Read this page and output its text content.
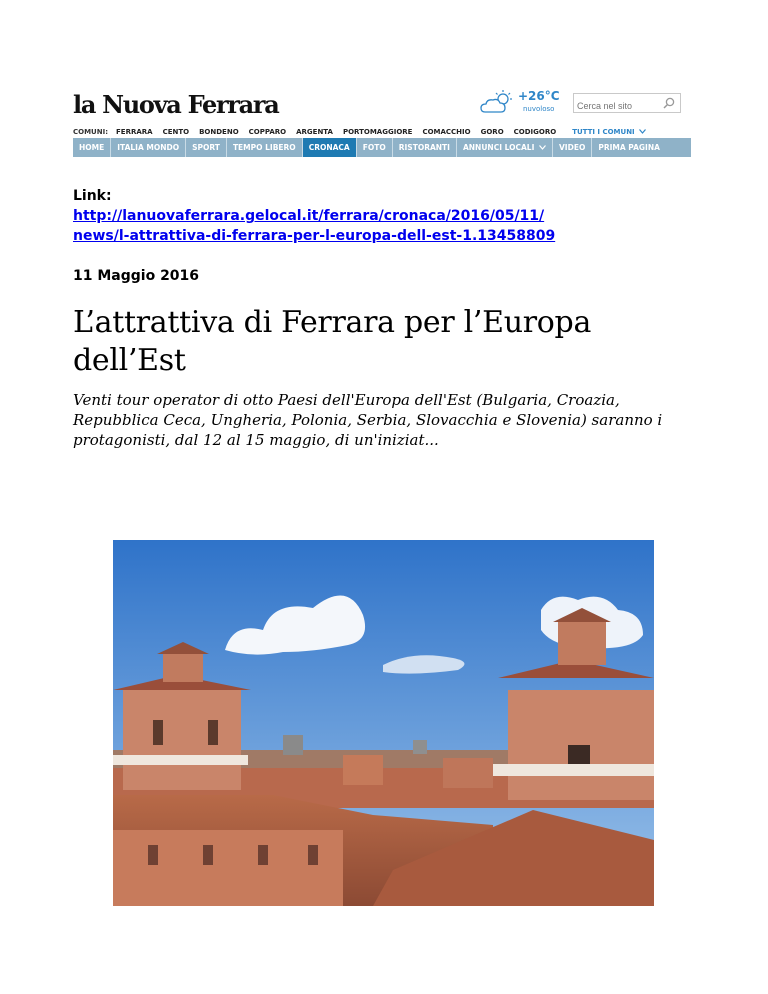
la Nuova Ferrara	+26°C
nuvoloso
Cerca nel sito
COMUNI: FERRARA CENTO BONDENO COPPARO ARGENTA PORTOMAGGIORE COMACCHIO GORO CODIGORO TUTTI I COMUNI
HOME	ITALIA MONDO	SPORT	TEMPO LIBERO	CRONACA	FOTO	RISTORANTI	ANNUNCI LOCALI	VIDEO	PRIMA PAGINA

Link:

http://lanuovaferrara.gelocal.it/ferrara/cronaca/2016/05/11/
news/l-attrattiva-di-ferrara-per-l-europa-dell-est-1.13458809
11 Maggio 2016
L’attrattiva di Ferrara per l’Europa
dell’Est
Venti tour operator di otto Paesi dell'Europa dell'Est (Bulgaria, Croazia, Repubblica Ceca, Ungheria, Polonia, Serbia, Slovacchia e Slovenia) saranno i protagonisti, dal 12 al 15 maggio, di un'iniziat...
